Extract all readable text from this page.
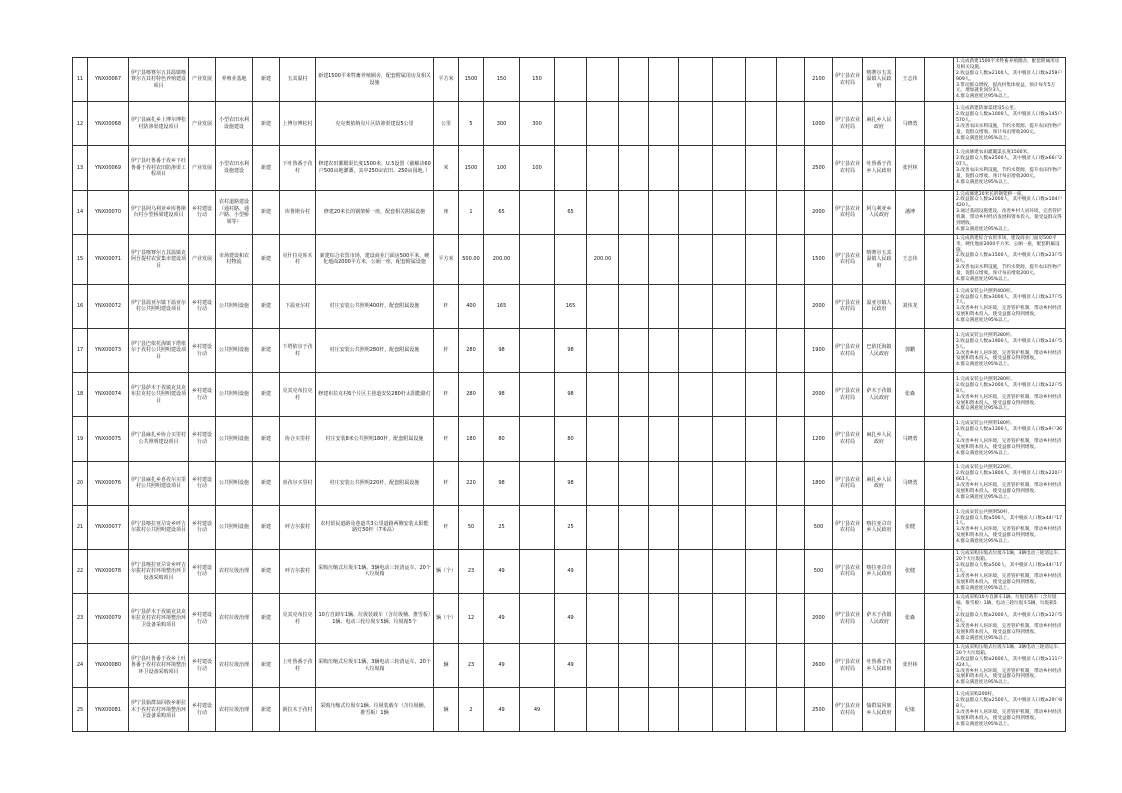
11	YNX00067	伊宁县喀赛尔五其温镇喀赛尔五其村特色养殖建设项目	产业发展	养殖业基地	新建	五其温村	新建1500平米牲畜养殖圈舍，配套附属用房及相关设施	平方米	1500	150	150									2100	伊宁县农业农村局	喀赛尔五其温镇人民政府	王志伟		1.完成新建1500平米牲畜养殖圈舍，配套附属用房及相关设施。
2.收益群众人数≥2100人，其中脱贫人口数≥259户909人。
3.带动群众增收，提高村集体收益，预计每年5万元，增加就业岗位3人。
4.群众满意度达95%以上。
12	YNX00068	伊宁县麻扎乡上博尔博松村防渗渠建设项目	产业发展	小型农田水利设施建设	新建	上博尔博松村	克克奥依纳克片区防渗渠建设5公里	公里	5	300	300									1000	伊宁县农业农村局	麻扎乡人民政府	马晓勇		1.完成新建防渗渠建设5公里。
2.收益群众人数≥1000人，其中脱贫人口数≥145户570人。
3.改善农田水利设施，节约水资源，提升农田作物产量，促群众增收。预计每亩增收200元。
4.群众满意度达95%以上。
13	YNX00069	伊宁县吐鲁番于孜乡下吐鲁番于孜村农田防渗渠工程项目	产业发展	小型农田水利设施建设	新建	下吐鲁番于孜村	修建农田灌溉渠长度1500米，U.5设置（截解决60户500亩地灌溉，其中250亩农田、250亩园地。）	米	1500	100	100									2500	伊宁县农业农村局	吐鲁番于孜乡人民政府	张世林		1.完成修建农田灌溉渠长度1500米。
2.收益群众人数≥2500人，其中脱贫人口数≥66户207人。
3.改善农田水利设施，节约水资源，提升农田作物产量，促群众增收。预计每亩增收200元。
4.群众满意度达95%以上。
14	YNX00070	伊宁县阿乌利亚乡库鲁斯台村小型桥梁建设项目	乡村建设行动	农村道路建设（通村路、通户路、小型桥梁等）	新建	库鲁斯台村	修建20米长的钢架桥一座，配套相关附属设施	座	1	65		65								2000	伊宁县农业农村局	阿乌利亚乡人民政府	潘博		1.完成修建20米长的钢架桥一座。
2.收益群众人数≥2000人，其中脱贫人口数≥104户420人。
3.通过基础设施建设，改善乡村人居环境，完善管护机制，带动乡村经济发展和资本投入，使受益群众得到增收。
4.群众满意度达95%以上。
15	YNX00071	伊宁县喀赛尔五其温镇克阿吾提村农贸集市建设项目	产业发展	市场建设和农村物流	新建	克什拉克库木村	新建综合农贸市场，建设商业门面房500平米，硬化地面2000平方米，公厕一座，配套附属设施	平方米	500.00	200.00			200.00							1500	伊宁县农业农村局	喀赛尔五其温镇人民政府	王志伟		1.完成新建综合农贸市场，建设商业门面房500平米，硬化地面2000平方米，公厕一座，配套附属设施。
2.收益群众人数≥1500人，其中脱贫人口数≥23户58人。
3.改善农田水利设施，节约水资源，提升农田作物产量，促群众增收。预计每亩增收200元。
4.群众满意度达95%以上。
16	YNX00072	伊宁县温亚尔镇下温亚尔村公共照明建设项目	乡村建设行动	公共照明设施	新建	下温亚尔村	村庄安装公共照明400杆，配套附属设施	杆	400	165		165								2000	伊宁县农业农村局	温亚尔镇人民政府	刘伟龙		1.完成安装公共照明400杆。
2.收益群众人数≥3000人，其中脱贫人口数≥17户57人。
3.改善乡村人居环境，完善管护机制，带动乡村经济发展和资本投入，使受益群众得到增收。
4.群众满意度达95%以上。
17	YNX00073	伊宁县巴依托海镇下塔依尔于孜村公共照明建设项目	乡村建设行动	公共照明设施	新建	下塔依尔于孜村	村庄安装公共照明280杆，配套附属设施	杆	280	98		98								1900	伊宁县农业农村局	巴依托海镇人民政府	郭鹏		1.完成安装公共照明280杆。
2.收益群众人数≥1900人，其中脱贫人口数≥14户55人。
3.改善乡村人居环境，完善管护机制，带动乡村经济发展和资本投入，使受益群众得到增收。
4.群众满意度达95%以上。
18	YNX00074	伊宁县萨木于孜镇克其克布拉克村公共照明建设项目	乡村建设行动	公共照明设施	新建	克其克布拉克村	修建布拉克村6个片区主巷道安装280杆太阳能路灯	杆	280	98		98								2000	伊宁县农业农村局	萨木于孜镇人民政府	张森		1.完成安装公共照明280杆。
2.收益群众人数≥2000人，其中脱贫人口数≥12户58人。
3.改善乡村人居环境，完善管护机制，带动乡村经济发展和资本投入，使受益群众得到增收。
4.群众满意度达95%以上。
19	YNX00075	伊宁县麻扎乡协合买里村公共照明建设项目	乡村建设行动	公共照明设施	新建	协合买里村	村庄安装8米公共照明180杆，配套附属设施	杆	180	80		80								1200	伊宁县农业农村局	麻扎乡人民政府	马晓勇		1.完成安装公共照明180杆。
2.收益群众人数≥1300人，其中脱贫人口数≥9户36人。
3.改善乡村人居环境，完善管护机制，带动乡村经济发展和资本投入，使受益群众得到增收。
4.群众满意度达95%以上。
20	YNX00076	伊宁县麻扎乡喜孜尔买里村公共照明建设项目	乡村建设行动	公共照明设施	新建	喜孜尔买里村	村庄安装公共照明220杆，配套附属设施	杆	220	98		98								1800	伊宁县农业农村局	麻扎乡人民政府	马晓勇		1.完成安装公共照明220杆。
2.收益群众人数≥1800人，其中脱贫人口数≥220户661人。
3.改善乡村人居环境，完善管护机制，带动乡村经济发展和资本投入，使受益群众得到增收。
4.群众满意度达95%以上。
21	YNX00077	伊宁县喀拉亚尕奇乡呼吉尔拔村公共照明建设项目	乡村建设行动	公共照明设施	新建	呼吉尔拔村	农村留民道路及巷道共3公里道路两侧安装太阳能路灯50杆（7米高）	杆	50	25		25								500	伊宁县农业农村局	喀拉亚尕奇乡人民政府	张健		1.完成安装公共照明50杆。
2.收益群众人数≥500人，其中脱贫人口数≥44户171人。
3.改善乡村人居环境，完善管护机制，带动乡村经济发展和资本投入，使受益群众得到增收。
4.群众满意度达95%以上。
22	YNX00078	伊宁县喀拉亚尕奇乡呼吉尔拔村农村环境整治环卫设备采购项目	乡村建设行动	农村垃圾治理	新建	呼吉尔拔村	采购压缩式垃圾车1辆、3辆电动三轮清运车、20个大垃圾箱	辆（个）	23	49		49								500	伊宁县农业农村局	喀拉亚尕奇乡人民政府	张健		1.完成采购压缩式垃圾车1辆、3辆电动三轮清运车、20个大垃圾箱。
2.收益群众人数≥500人，其中脱贫人口数≥44户171人。
3.改善乡村人居环境，完善管护机制，带动乡村经济发展和资本投入，使受益群众得到增收。
4.群众满意度达95%以上。
23	YNX00079	伊宁县萨木于孜镇克其克布拉克村农村环境整治环卫设备采购项目	乡村建设行动	农村垃圾治理	新建	克其克布拉克村	10方自卸车1辆、垃圾装载车（含垃圾桶、推雪板）1辆、电动三轮垃圾车5辆、垃圾箱5个	辆（个）	12	49		49								2000	伊宁县农业农村局	萨木于孜镇人民政府	张森		1.完成采购10方自卸车1辆、垃圾装载车（含垃圾桶、推雪板）1辆、电动三轮垃圾车5辆、垃圾箱5个。
2.收益群众人数≥2000人，其中脱贫人口数≥12户58人。
3.改善乡村人居环境，完善管护机制，带动乡村经济发展和资本投入，使受益群众得到增收。
4.群众满意度达95%以上。
24	YNX00080	伊宁县吐鲁番于孜乡上吐鲁番于孜村农村环境整治环卫设备采购项目	乡村建设行动	农村垃圾治理	新建	上吐鲁番于孜村	采购压缩式垃圾车1辆、3辆电动三轮清运车、20个大垃圾箱	辆	23	49		49								2600	伊宁县农业农村局	吐鲁番于孜乡人民政府	张世林		1.完成采购压缩式垃圾车1辆、3辆电动三轮清运车、20个大垃圾箱。
2.收益群众人数≥2600人，其中脱贫人口数≥111户424人。
3.改善乡村人居环境，完善管护机制，带动乡村经济发展和资本投入，使受益群众得到增收。
4.群众满意度达95%以上。
25	YNX00081	伊宁县愉群翁回族乡新拉木于孜村农村环境整治环卫设备采购项目	乡村建设行动	农村垃圾治理	新建	新拉木于孜村	采购压缩式垃圾车1辆、垃圾装载车（含垃圾桶、推雪板）1辆	辆	2	49	49									2500	伊宁县农业农村局	愉群翁回族乡人民政府	纪康		1.完成采购200杆。
2.收益群众人数≥2500人，其中脱贫人口数≥29户88人。
3.改善乡村人居环境，完善管护机制，带动乡村经济发展和资本投入，使受益群众得到增收。
4.群众满意度达95%以上。
